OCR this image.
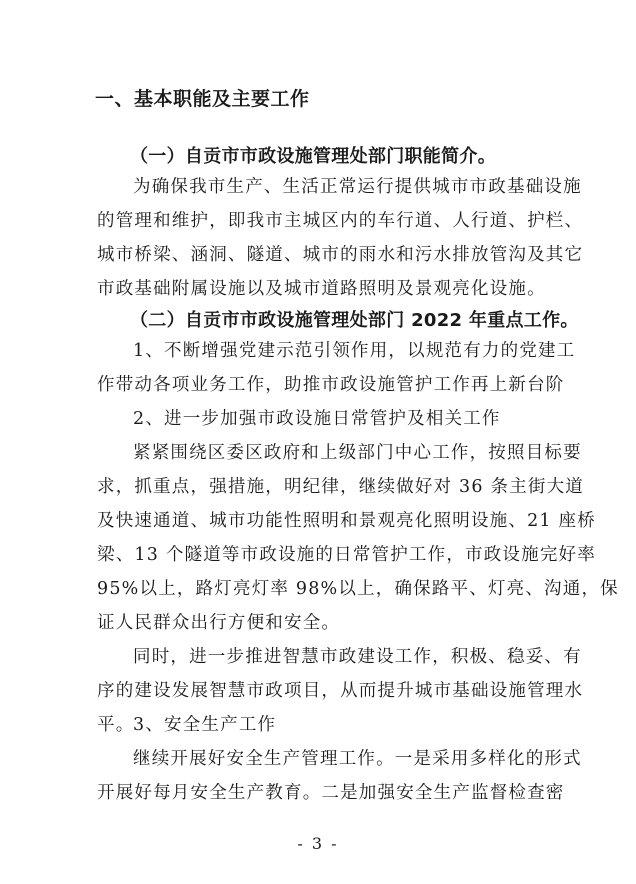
一、基本职能及主要工作
（一）自贡市市政设施管理处部门职能简介。
为确保我市生产、生活正常运行提供城市市政基础设施
的管理和维护，即我市主城区内的车行道、人行道、护栏、
城市桥梁、涵洞、隧道、城市的雨水和污水排放管沟及其它
市政基础附属设施以及城市道路照明及景观亮化设施。
（二）自贡市市政设施管理处部门 2022 年重点工作。
1、不断增强党建示范引领作用，以规范有力的党建工
作带动各项业务工作，助推市政设施管护工作再上新台阶
2、进一步加强市政设施日常管护及相关工作
紧紧围绕区委区政府和上级部门中心工作，按照目标要
求，抓重点，强措施，明纪律，继续做好对 36 条主街大道
及快速通道、城市功能性照明和景观亮化照明设施、21 座桥
梁、13 个隧道等市政设施的日常管护工作，市政设施完好率
95%以上，路灯亮灯率 98%以上，确保路平、灯亮、沟通，保
证人民群众出行方便和安全。
同时，进一步推进智慧市政建设工作，积极、稳妥、有
序的建设发展智慧市政项目，从而提升城市基础设施管理水
平。
3、安全生产工作
继续开展好安全生产管理工作。一是采用多样化的形式
开展好每月安全生产教育。二是加强安全生产监督检查密
- 3 -
